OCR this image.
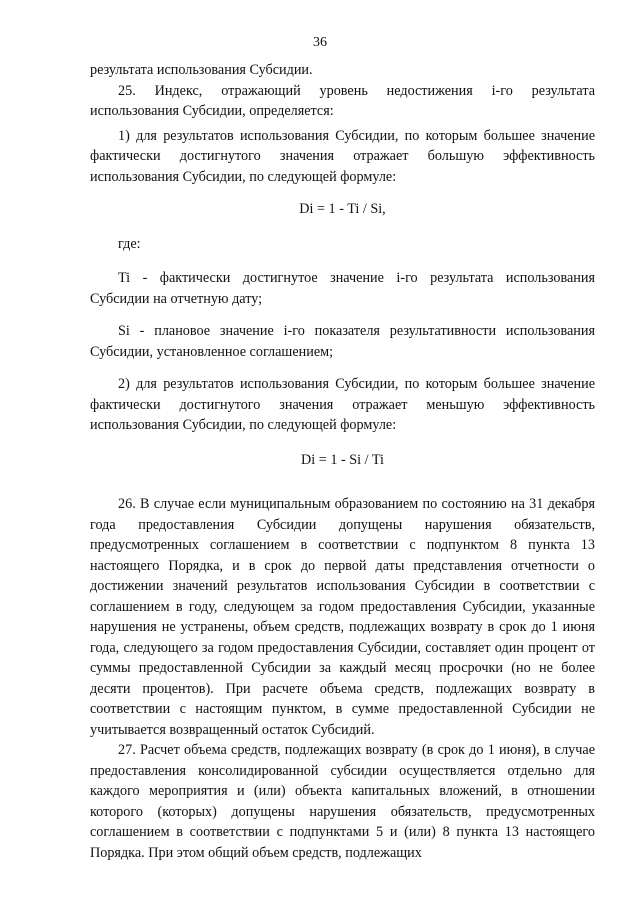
36

результата использования Субсидии.

25. Индекс, отражающий уровень недостижения i-го результата использования Субсидии, определяется:

1) для результатов использования Субсидии, по которым большее значение фактически достигнутого значения отражает большую эффективность использования Субсидии, по следующей формуле:

Di = 1 - Ti / Si,

где:

Ti - фактически достигнутое значение i-го результата использования Субсидии на отчетную дату;

Si - плановое значение i-го показателя результативности использования Субсидии, установленное соглашением;

2) для результатов использования Субсидии, по которым большее значение фактически достигнутого значения отражает меньшую эффективность использования Субсидии, по следующей формуле:

Di = 1 - Si / Ti

26. В случае если муниципальным образованием по состоянию на 31 декабря года предоставления Субсидии допущены нарушения обязательств, предусмотренных соглашением в соответствии с подпунктом 8 пункта 13 настоящего Порядка, и в срок до первой даты представления отчетности о достижении значений результатов использования Субсидии в соответствии с соглашением в году, следующем за годом предоставления Субсидии, указанные нарушения не устранены, объем средств, подлежащих возврату в срок до 1 июня года, следующего за годом предоставления Субсидии, составляет один процент от суммы предоставленной Субсидии за каждый месяц просрочки (но не более десяти процентов). При расчете объема средств, подлежащих возврату в соответствии с настоящим пунктом, в сумме предоставленной Субсидии не учитывается возвращенный остаток Субсидий.

27. Расчет объема средств, подлежащих возврату (в срок до 1 июня), в случае предоставления консолидированной субсидии осуществляется отдельно для каждого мероприятия и (или) объекта капитальных вложений, в отношении которого (которых) допущены нарушения обязательств, предусмотренных соглашением в соответствии с подпунктами 5 и (или) 8 пункта 13 настоящего Порядка. При этом общий объем средств, подлежащих
